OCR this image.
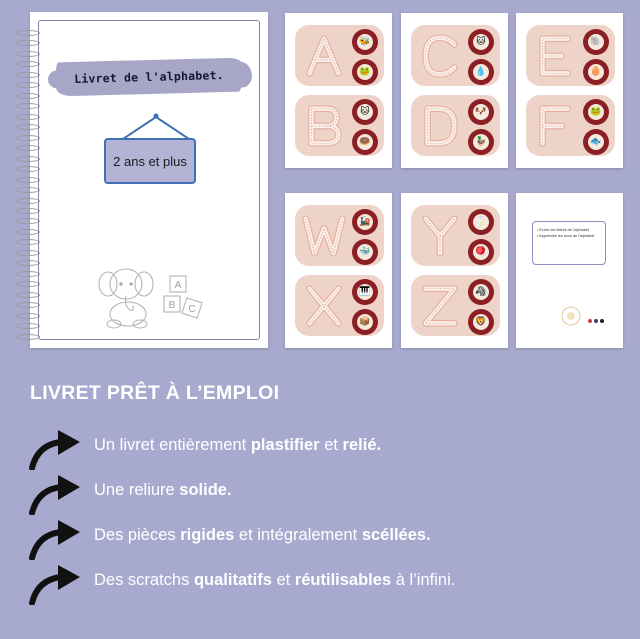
Livret de l'alphabet.
2 ans et plus
A
B C
🐝
🐸
🐱
🍩
🐱
💧
🐶
🦆
🐘
🥚
🐸
🐟
🚂
🐳
🎹
📦
🥛
🪀
🦓
🦁
• Écrire les lettres de l'alphabet
• Apprendre les sons de l'alphabet
LIVRET PRÊT À L’EMPLOI
Un livret entièrement plastifier et relié.
Une reliure solide.
Des pièces rigides et intégralement scéllées.
Des scratchs qualitatifs et réutilisables à l’infini.
